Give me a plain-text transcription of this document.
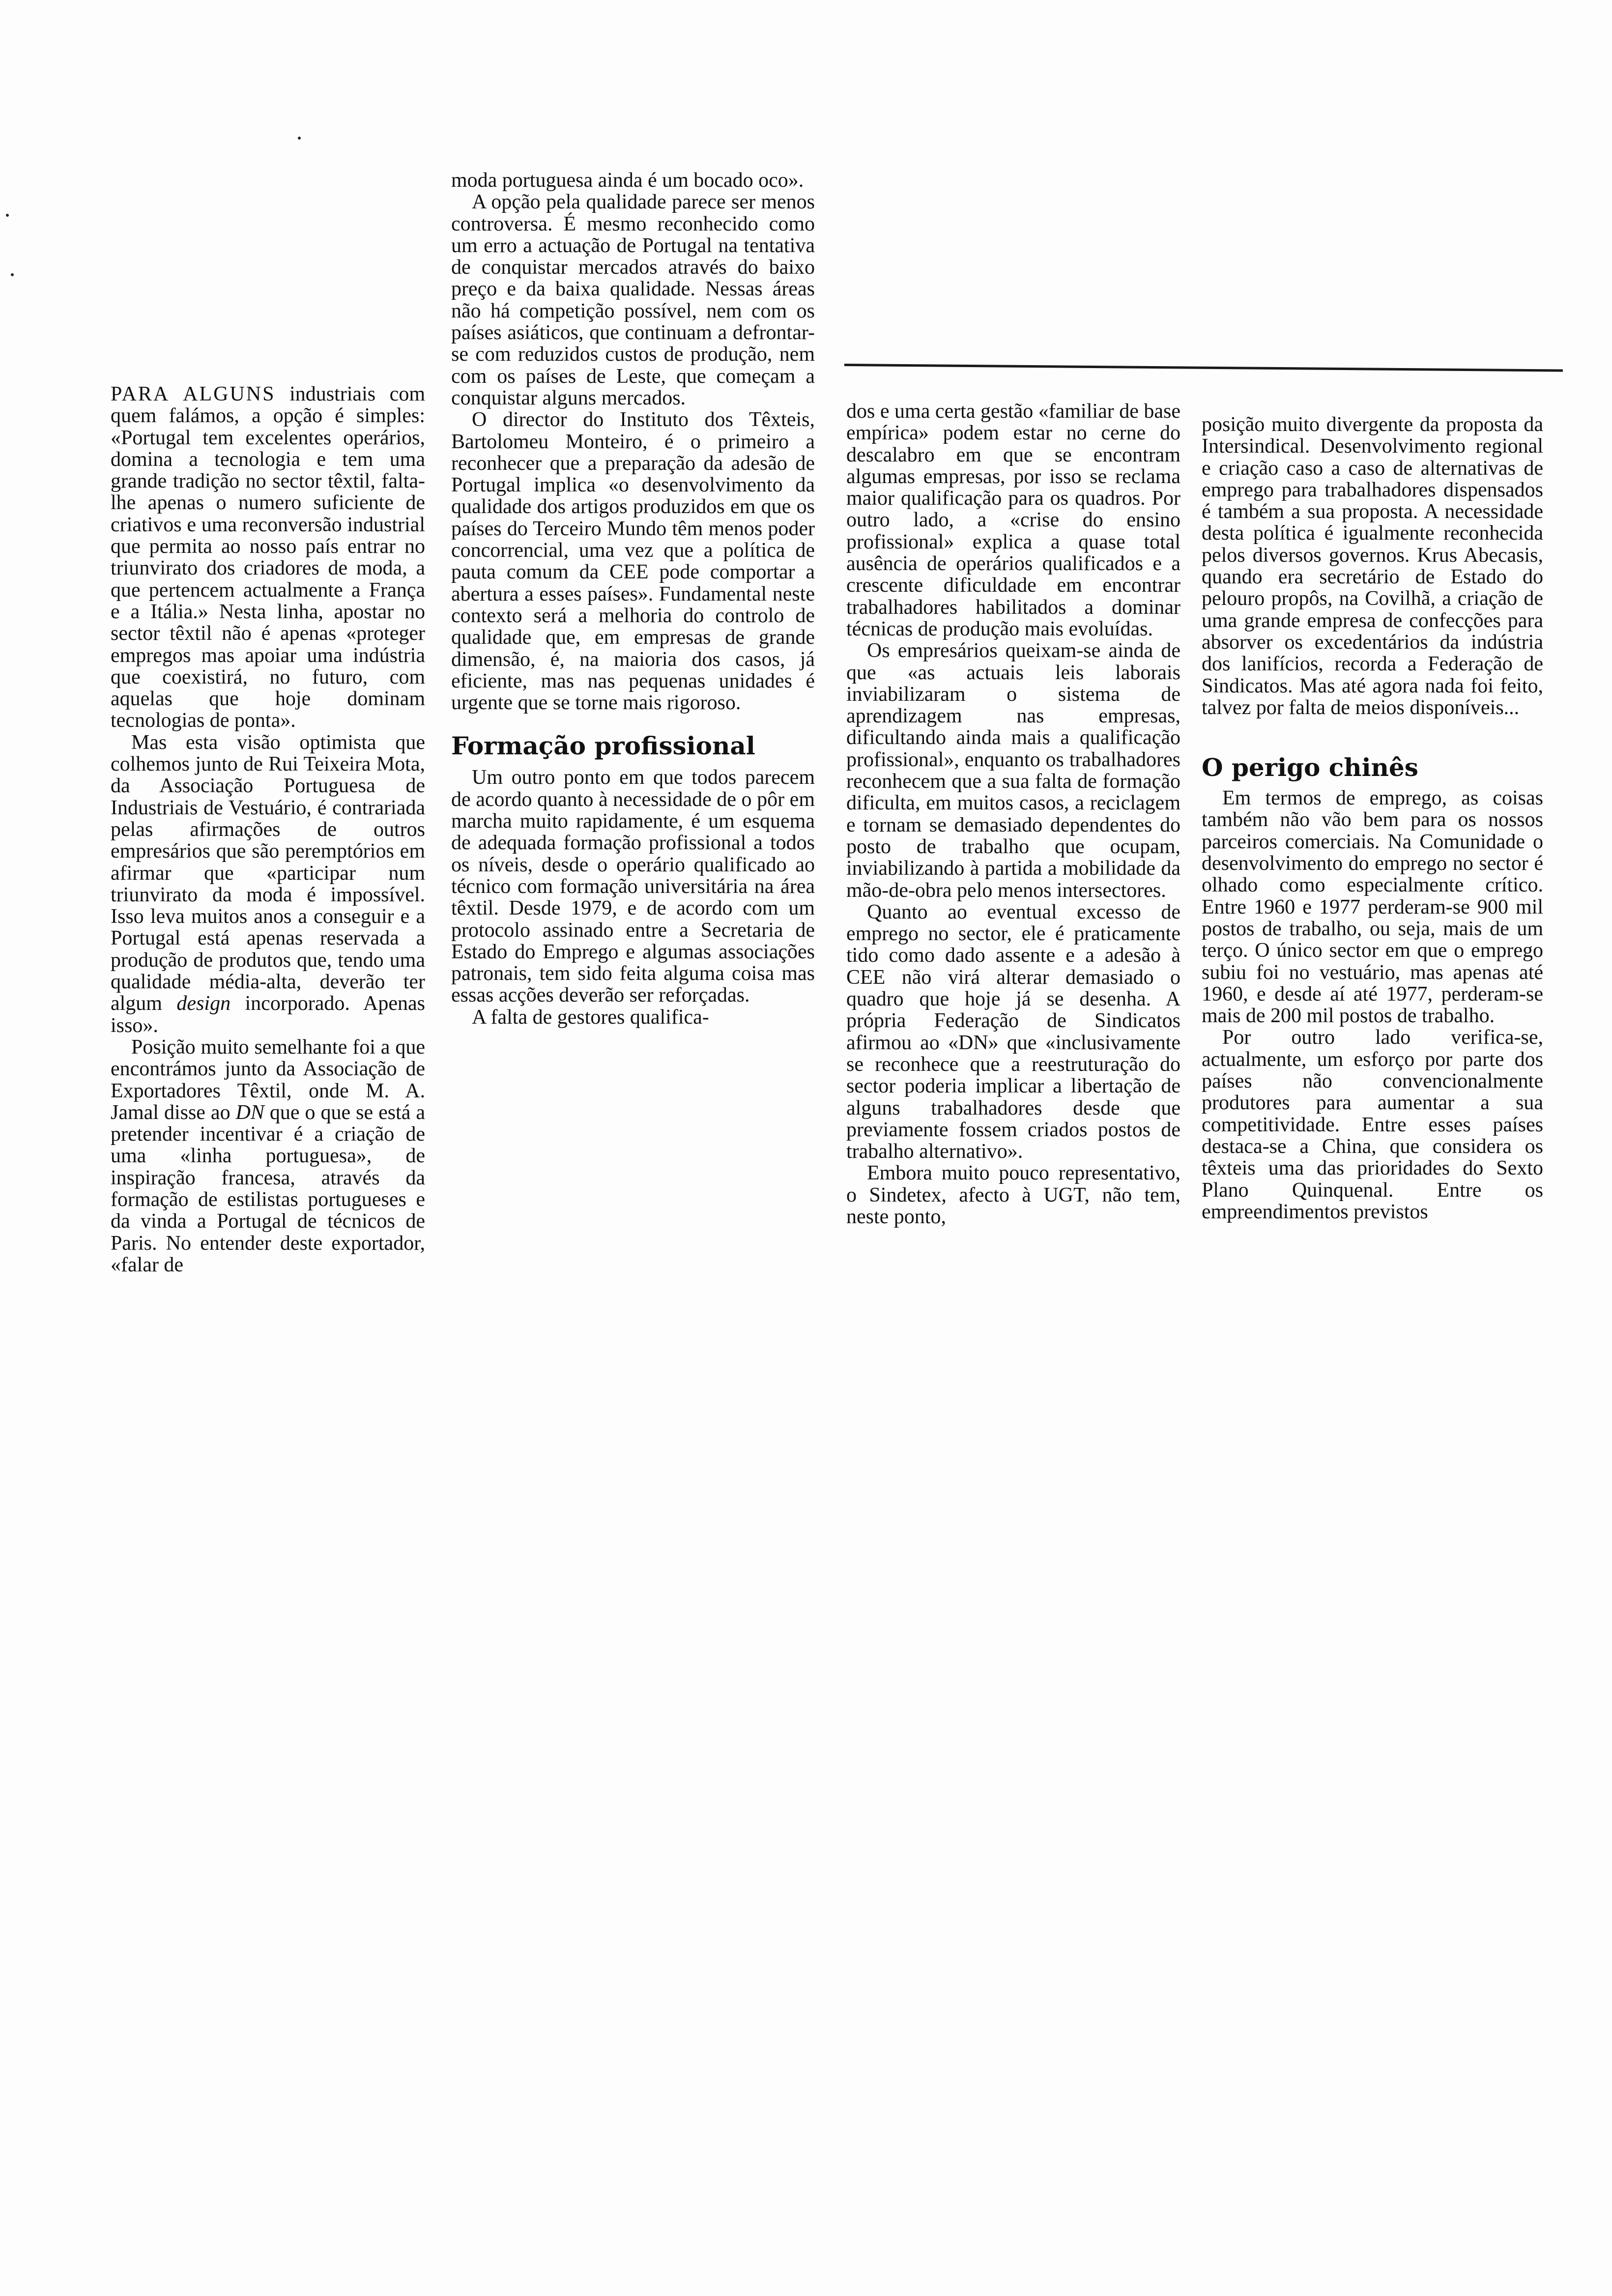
PARA ALGUNS industriais com quem falámos, a opção é simples: «Portugal tem excelentes operários, domina a tecnologia e tem uma grande tradição no sector têxtil, falta-lhe apenas o numero suficiente de criativos e uma reconversão industrial que permita ao nosso país entrar no triunvirato dos criadores de moda, a que pertencem actualmente a França e a Itália.» Nesta linha, apostar no sector têxtil não é apenas «proteger empregos mas apoiar uma indústria que coexistirá, no futuro, com aquelas que hoje dominam tecnologias de ponta».

Mas esta visão optimista que colhemos junto de Rui Teixeira Mota, da Associação Portuguesa de Industriais de Vestuário, é contrariada pelas afirmações de outros empresários que são peremptórios em afirmar que «participar num triunvirato da moda é impossível. Isso leva muitos anos a conseguir e a Portugal está apenas reservada a produção de produtos que, tendo uma qualidade média-alta, deverão ter algum design incorporado. Apenas isso».

Posição muito semelhante foi a que encontrámos junto da Associação de Exportadores Têxtil, onde M. A. Jamal disse ao DN que o que se está a pretender incentivar é a criação de uma «linha portuguesa», de inspiração francesa, através da formação de estilistas portugueses e da vinda a Portugal de técnicos de Paris. No entender deste exportador, «falar de

moda portuguesa ainda é um bocado oco».

A opção pela qualidade parece ser menos controversa. É mesmo reconhecido como um erro a actuação de Portugal na tentativa de conquistar mercados através do baixo preço e da baixa qualidade. Nessas áreas não há competição possível, nem com os países asiáticos, que continuam a defrontar-se com reduzidos custos de produção, nem com os países de Leste, que começam a conquistar alguns mercados.

O director do Instituto dos Têxteis, Bartolomeu Monteiro, é o primeiro a reconhecer que a preparação da adesão de Portugal implica «o desenvolvimento da qualidade dos artigos produzidos em que os países do Terceiro Mundo têm menos poder concorrencial, uma vez que a política de pauta comum da CEE pode comportar a abertura a esses países». Fundamental neste contexto será a melhoria do controlo de qualidade que, em empresas de grande dimensão, é, na maioria dos casos, já eficiente, mas nas pequenas unidades é urgente que se torne mais rigoroso.

Formação profissional

Um outro ponto em que todos parecem de acordo quanto à necessidade de o pôr em marcha muito rapidamente, é um esquema de adequada formação profissional a todos os níveis, desde o operário qualificado ao técnico com formação universitária na área têxtil. Desde 1979, e de acordo com um protocolo assinado entre a Secretaria de Estado do Emprego e algumas associações patronais, tem sido feita alguma coisa mas essas acções deverão ser reforçadas.

A falta de gestores qualifica-

dos e uma certa gestão «familiar de base empírica» podem estar no cerne do descalabro em que se encontram algumas empresas, por isso se reclama maior qualificação para os quadros. Por outro lado, a «crise do ensino profissional» explica a quase total ausência de operários qualificados e a crescente dificuldade em encontrar trabalhadores habilitados a dominar técnicas de produção mais evoluídas.

Os empresários queixam-se ainda de que «as actuais leis laborais inviabilizaram o sistema de aprendizagem nas empresas, dificultando ainda mais a qualificação profissional», enquanto os trabalhadores reconhecem que a sua falta de formação dificulta, em muitos casos, a reciclagem e tornam se demasiado dependentes do posto de trabalho que ocupam, inviabilizando à partida a mobilidade da mão-de-obra pelo menos intersectores.

Quanto ao eventual excesso de emprego no sector, ele é praticamente tido como dado assente e a adesão à CEE não virá alterar demasiado o quadro que hoje já se desenha. A própria Federação de Sindicatos afirmou ao «DN» que «inclusivamente se reconhece que a reestruturação do sector poderia implicar a libertação de alguns trabalhadores desde que previamente fossem criados postos de trabalho alternativo».

Embora muito pouco representativo, o Sindetex, afecto à UGT, não tem, neste ponto,

posição muito divergente da proposta da Intersindical. Desenvolvimento regional e criação caso a caso de alternativas de emprego para trabalhadores dispensados é também a sua proposta. A necessidade desta política é igualmente reconhecida pelos diversos governos. Krus Abecasis, quando era secretário de Estado do pelouro propôs, na Covilhã, a criação de uma grande empresa de confecções para absorver os excedentários da indústria dos lanifícios, recorda a Federação de Sindicatos. Mas até agora nada foi feito, talvez por falta de meios disponíveis...

O perigo chinês

Em termos de emprego, as coisas também não vão bem para os nossos parceiros comerciais. Na Comunidade o desenvolvimento do emprego no sector é olhado como especialmente crítico. Entre 1960 e 1977 perderam-se 900 mil postos de trabalho, ou seja, mais de um terço. O único sector em que o emprego subiu foi no vestuário, mas apenas até 1960, e desde aí até 1977, perderam-se mais de 200 mil postos de trabalho.

Por outro lado verifica-se, actualmente, um esforço por parte dos países não convencionalmente produtores para aumentar a sua competitividade. Entre esses países destaca-se a China, que considera os têxteis uma das prioridades do Sexto Plano Quinquenal. Entre os empreendimentos previstos
